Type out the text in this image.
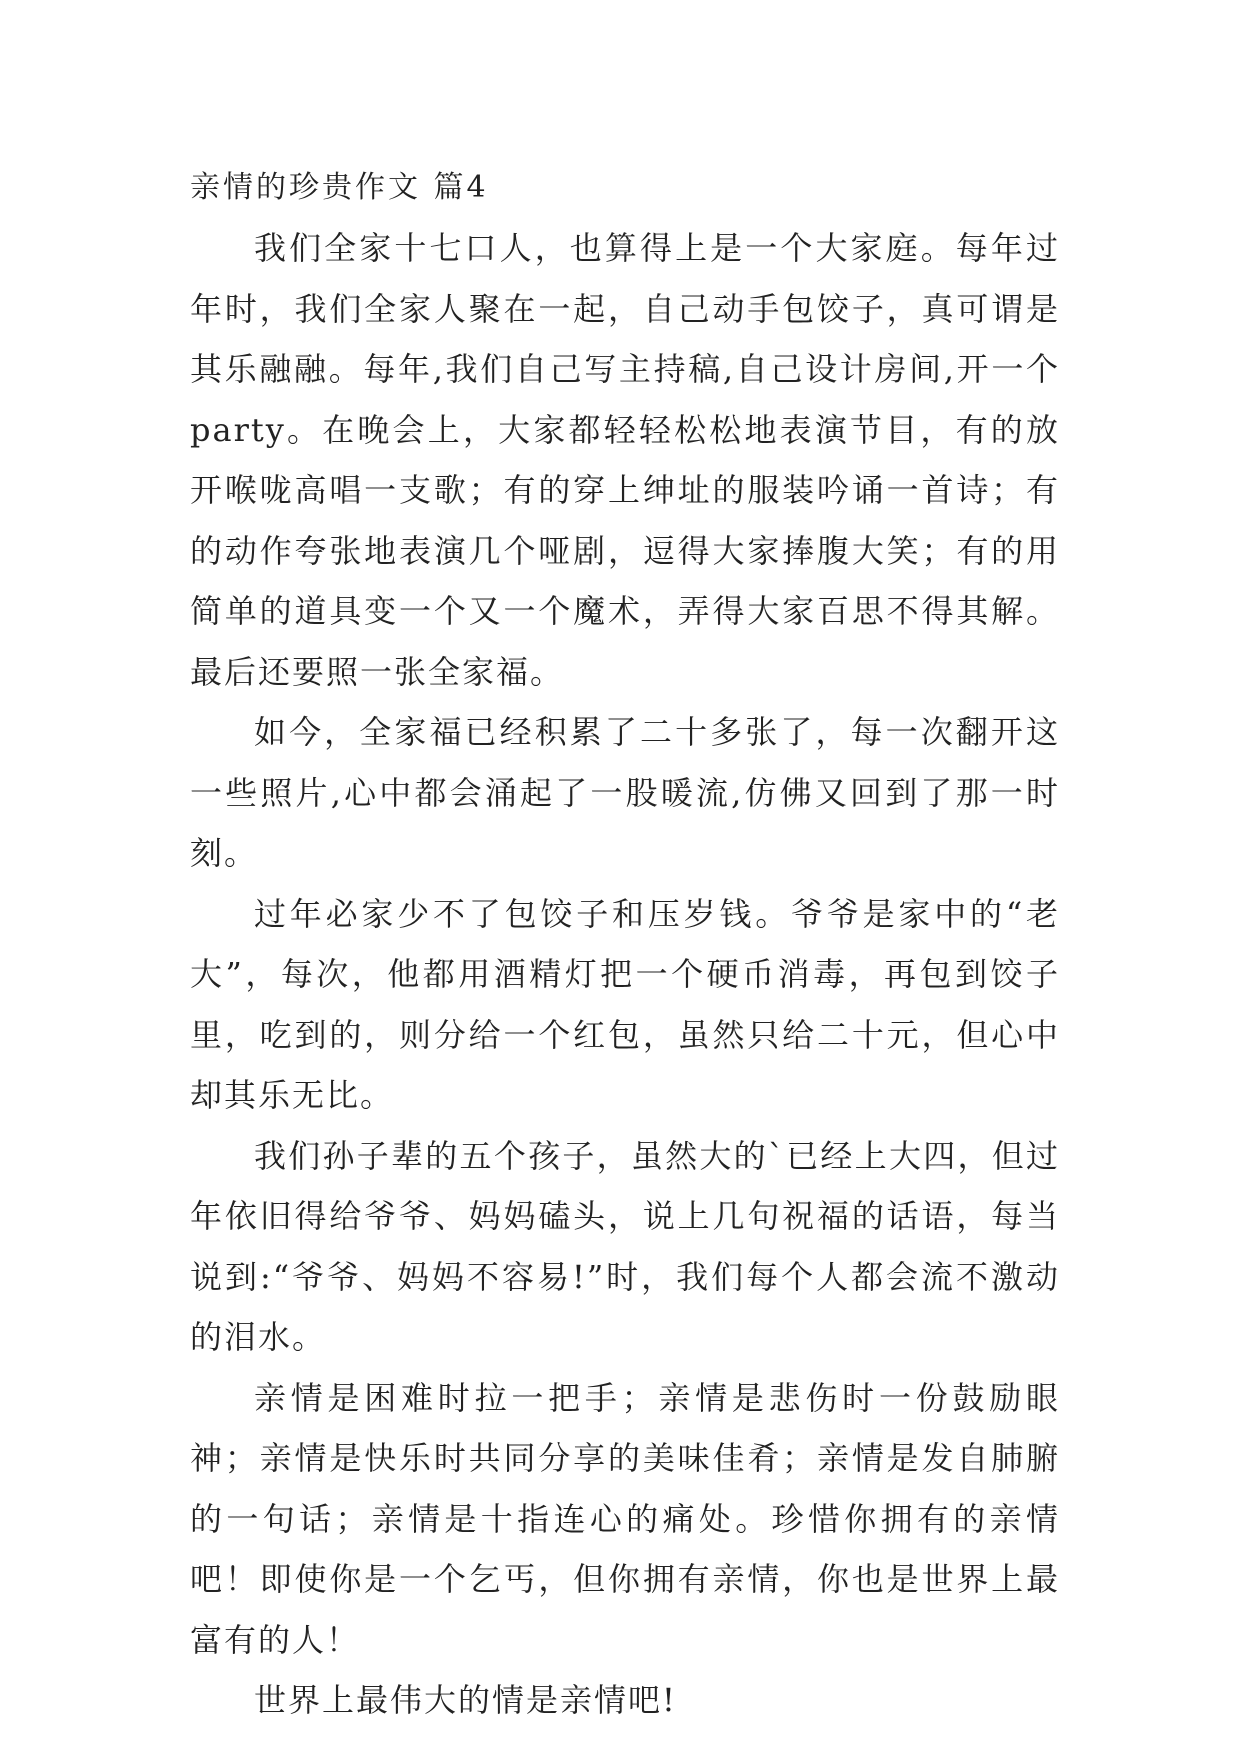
亲情的珍贵作文 篇4

我们全家十七口人，也算得上是一个大家庭。每年过年时，我们全家人聚在一起，自己动手包饺子，真可谓是其乐融融。每年,我们自己写主持稿,自己设计房间,开一个party。在晚会上，大家都轻轻松松地表演节目，有的放开喉咙高唱一支歌；有的穿上绅址的服装吟诵一首诗；有的动作夸张地表演几个哑剧，逗得大家捧腹大笑；有的用简单的道具变一个又一个魔术，弄得大家百思不得其解。最后还要照一张全家福。

如今，全家福已经积累了二十多张了，每一次翻开这一些照片,心中都会涌起了一股暖流,仿佛又回到了那一时刻。

过年必家少不了包饺子和压岁钱。爷爷是家中的“老大”，每次，他都用酒精灯把一个硬币消毒，再包到饺子里，吃到的，则分给一个红包，虽然只给二十元，但心中却其乐无比。

我们孙子辈的五个孩子，虽然大的`已经上大四，但过年依旧得给爷爷、妈妈磕头，说上几句祝福的话语，每当说到:“爷爷、妈妈不容易!”时，我们每个人都会流不激动的泪水。

亲情是困难时拉一把手；亲情是悲伤时一份鼓励眼神；亲情是快乐时共同分享的美味佳肴；亲情是发自肺腑的一句话；亲情是十指连心的痛处。珍惜你拥有的亲情吧！即使你是一个乞丐，但你拥有亲情，你也是世界上最富有的人！

世界上最伟大的情是亲情吧!
